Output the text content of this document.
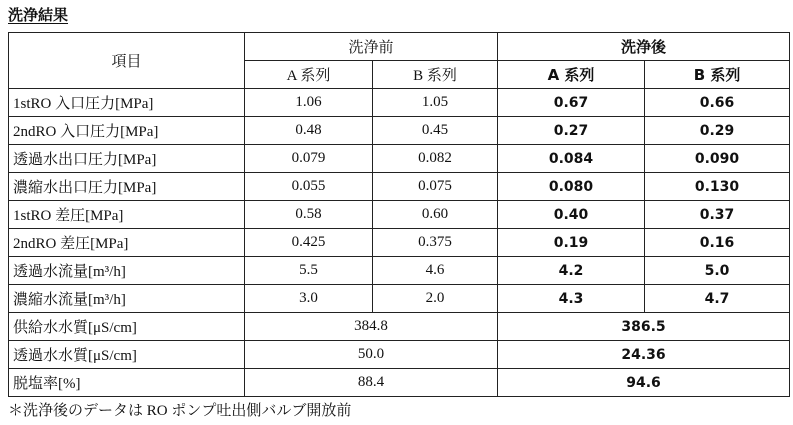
洗浄結果
項目	洗浄前		洗浄後	
	A 系列	B 系列	A 系列	B 系列
1stRO 入口圧力[MPa]	1.06	1.05	0.67	0.66
2ndRO 入口圧力[MPa]	0.48	0.45	0.27	0.29
透過水出口圧力[MPa]	0.079	0.082	0.084	0.090
濃縮水出口圧力[MPa]	0.055	0.075	0.080	0.130
1stRO 差圧[MPa]	0.58	0.60	0.40	0.37
2ndRO 差圧[MPa]	0.425	0.375	0.19	0.16
透過水流量[m³/h]	5.5	4.6	4.2	5.0
濃縮水流量[m³/h]	3.0	2.0	4.3	4.7
供給水水質[μS/cm]	384.8		386.5	
透過水水質[μS/cm]	50.0		24.36	
脱塩率[%]	88.4		94.6	
＊洗浄後のデータは RO ポンプ吐出側バルブ開放前
